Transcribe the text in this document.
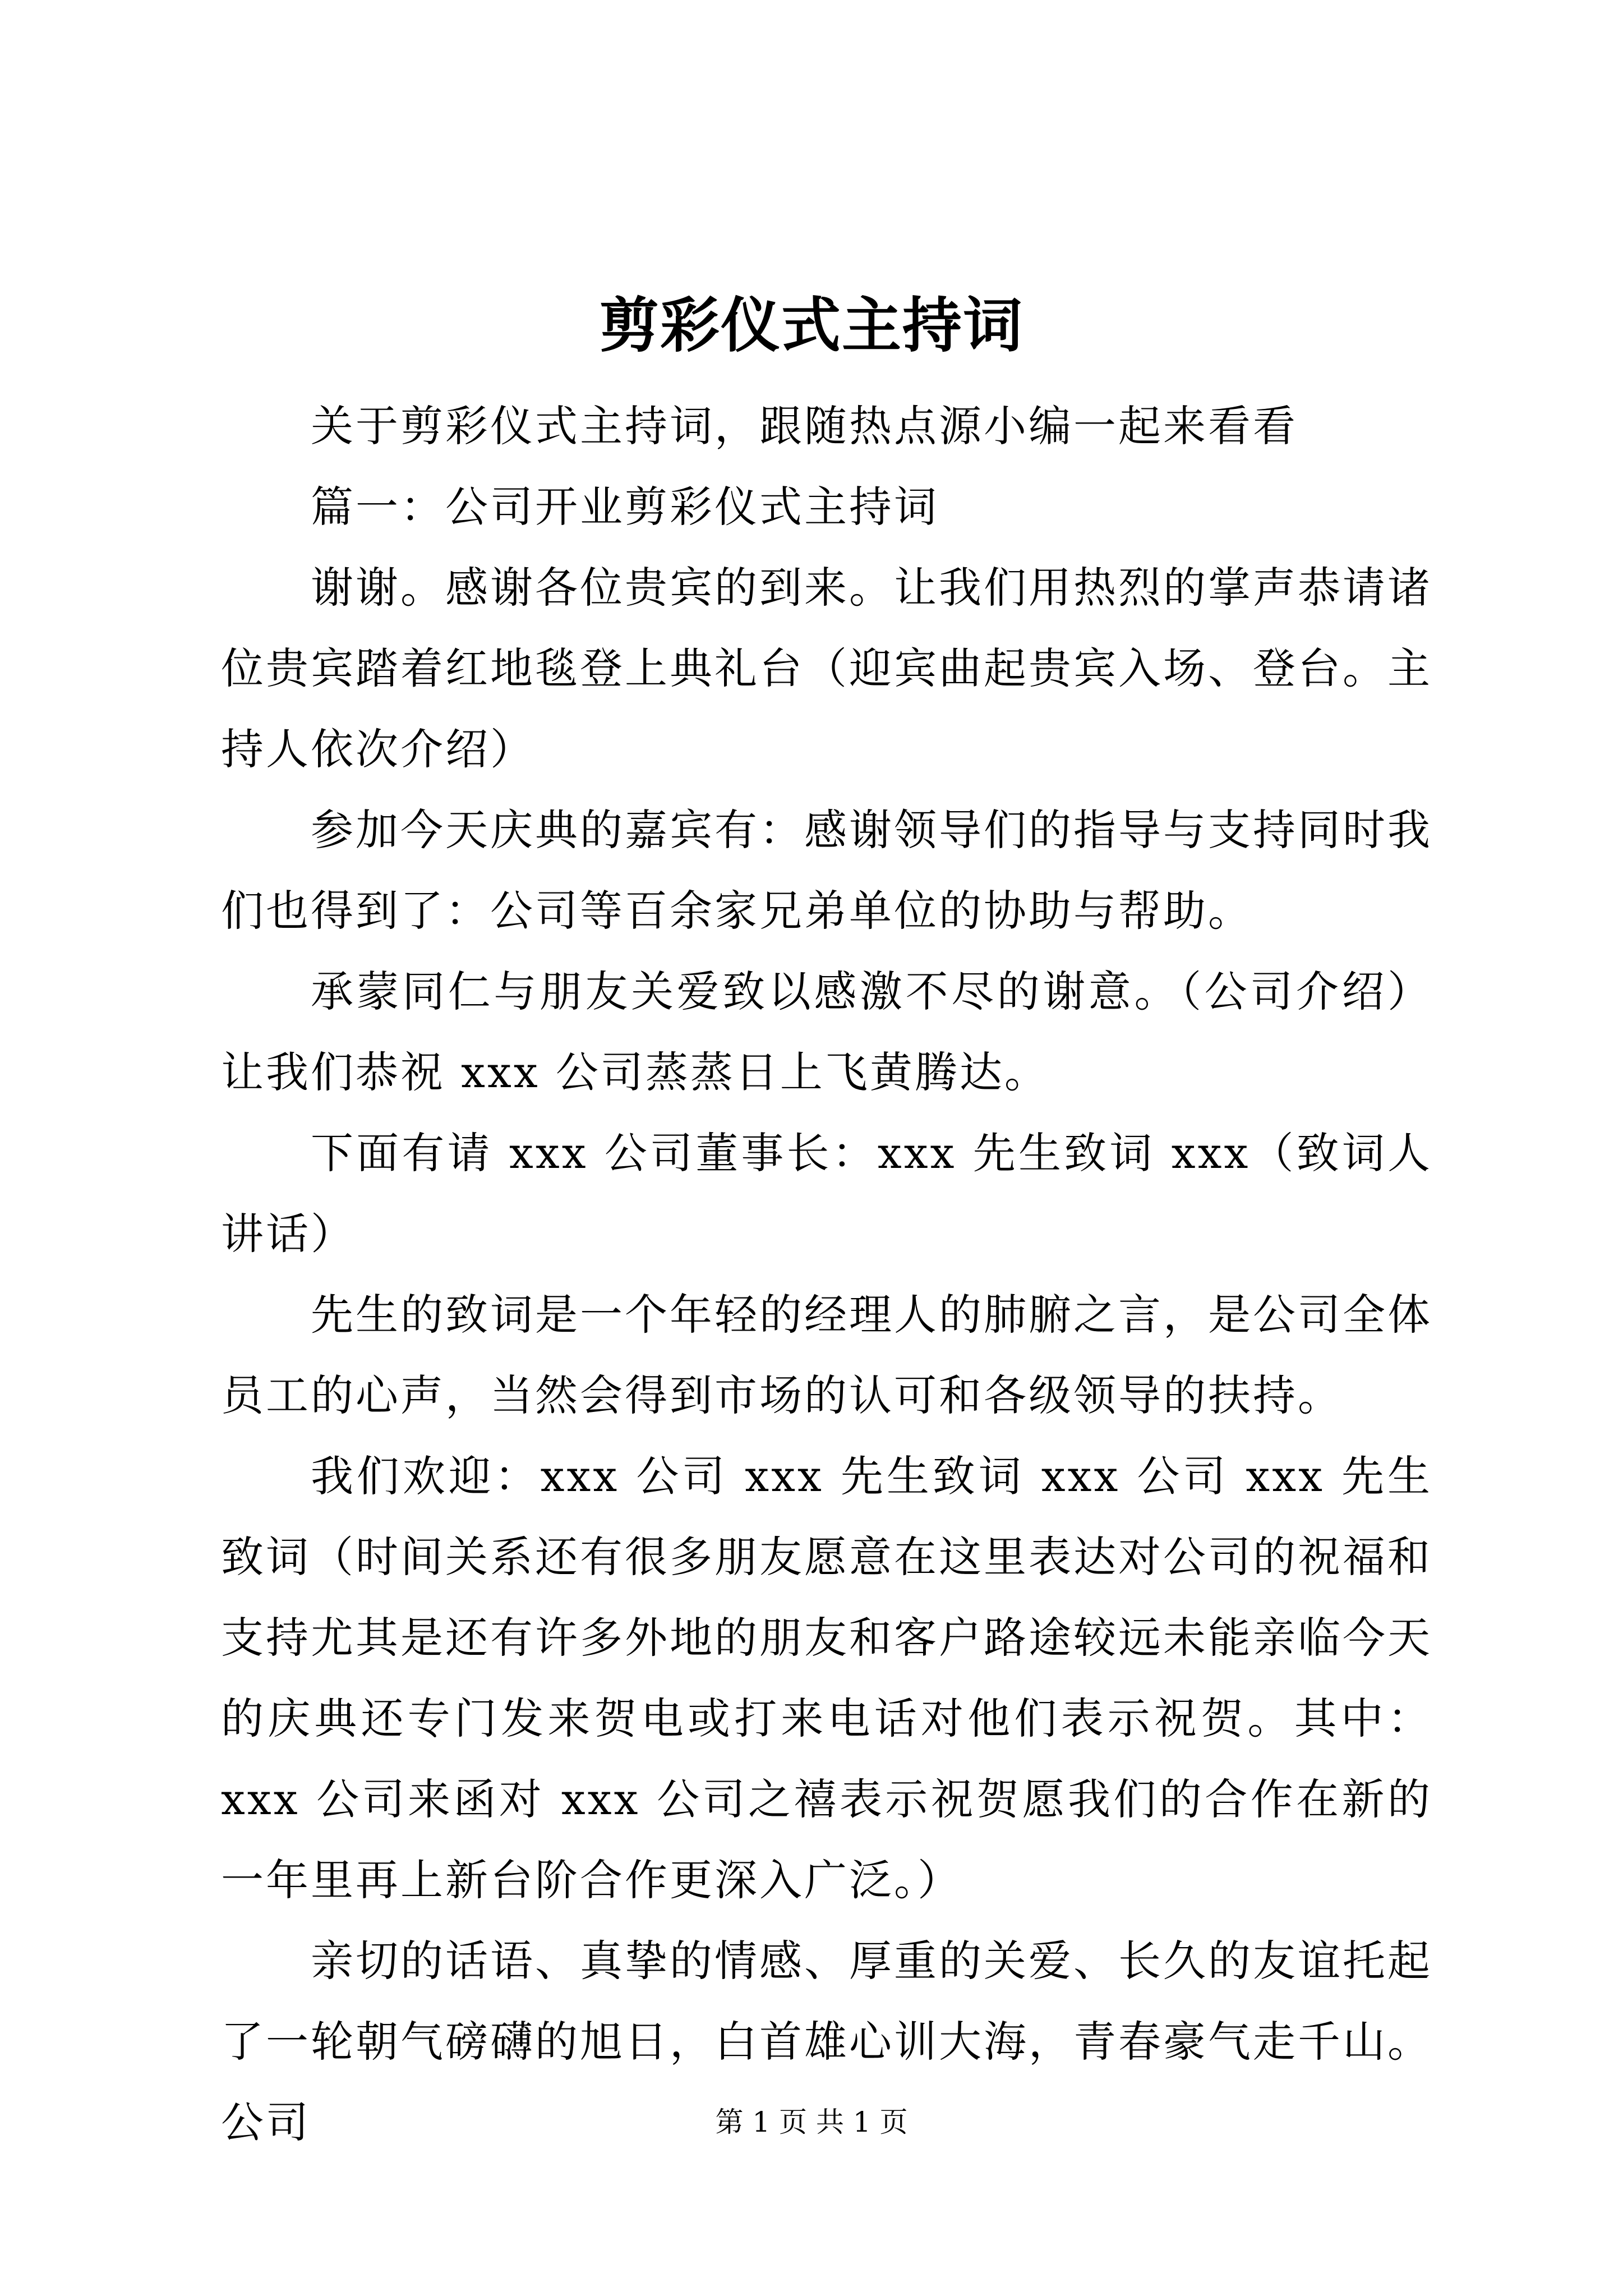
剪彩仪式主持词

关于剪彩仪式主持词，跟随热点源小编一起来看看

篇一：公司开业剪彩仪式主持词

谢谢。感谢各位贵宾的到来。让我们用热烈的掌声恭请诸位贵宾踏着红地毯登上典礼台（迎宾曲起贵宾入场、登台。主持人依次介绍）

参加今天庆典的嘉宾有：感谢领导们的指导与支持同时我们也得到了：公司等百余家兄弟单位的协助与帮助。

承蒙同仁与朋友关爱致以感激不尽的谢意。（公司介绍）让我们恭祝 xxx 公司蒸蒸日上飞黄腾达。

下面有请 xxx 公司董事长：xxx 先生致词 xxx（致词人讲话）

先生的致词是一个年轻的经理人的肺腑之言，是公司全体员工的心声，当然会得到市场的认可和各级领导的扶持。

我们欢迎：xxx 公司 xxx 先生致词 xxx 公司 xxx 先生致词（时间关系还有很多朋友愿意在这里表达对公司的祝福和支持尤其是还有许多外地的朋友和客户路途较远未能亲临今天的庆典还专门发来贺电或打来电话对他们表示祝贺。其中：xxx 公司来函对 xxx 公司之禧表示祝贺愿我们的合作在新的一年里再上新台阶合作更深入广泛。）

亲切的话语、真挚的情感、厚重的关爱、长久的友谊托起了一轮朝气磅礴的旭日，白首雄心训大海，青春豪气走千山。公司	第 1 页 共 1 页
